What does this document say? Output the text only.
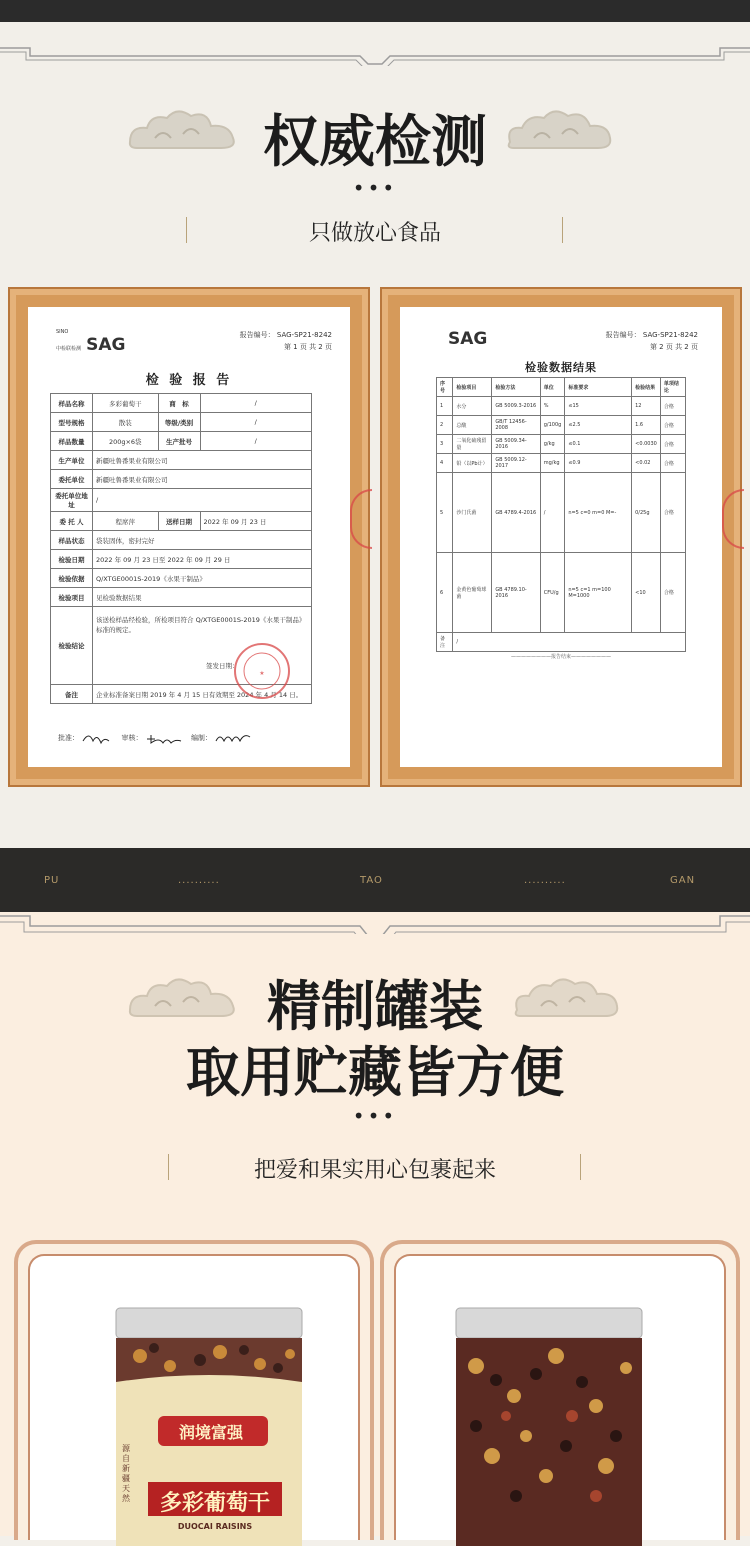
权威检测
•••
只做放心食品
SINO
中检联检测 SAG	报告编号： SAG-SP21-8242
第 1 页 共 2 页
检 验 报 告
样品名称	多彩葡萄干	商　标	/
型号规格	散装	等级/类别	/
样品数量	200g×6袋	生产批号	/
生产单位	新疆吐鲁番果业有限公司		
委托单位	新疆吐鲁番果业有限公司		
委托单位地址	/		
委 托 人	程席萍	送样日期	2022 年 09 月 23 日
样品状态	袋装固体，密封完好		
检验日期	2022 年 09 月 23 日至 2022 年 09 月 29 日		
检验依据	Q/XTGE0001S-2019《水果干制品》		
检验项目	见检验数据结果		
检验结论	该送检样品经检验，所检项目符合 Q/XTGE0001S-2019《水果干制品》标准的规定。
签发日期：		

备注	企业标准备案日期 2019 年 4 月 15 日有效期至 2024 年 4 月 14 日。		
★
批准：	审核：	编制：
SAG	报告编号： SAG-SP21-8242
第 2 页 共 2 页
检验数据结果
序号	检验项目	检验方法	单位	标准要求	检验结果	单项结论
1	水分	GB 5009.3-2016	%	≤15	12	合格
2	总酸	GB/T 12456-2008	g/100g	≤2.5	1.6	合格
3	二氧化硫残留量	GB 5009.34-2016	g/kg	≤0.1	<0.0030	合格
4	铅（以Pb计）	GB 5009.12-2017	mg/kg	≤0.9	<0.02	合格
5	沙门氏菌	GB 4789.4-2016	/	n=5 c=0 m=0 M=-	0/25g	合格
6	金黄色葡萄球菌	GB 4789.10-2016	CFU/g	n=5 c=1 m=100 M=1000	<10	合格
备注	/					
————————报告结束————————
PU	..........	TAO	..........	GAN
精制罐装
取用贮藏皆方便
•••
把爱和果实用心包裹起来
润境富强
多彩葡萄干
DUOCAI RAISINS
源自新疆天然
